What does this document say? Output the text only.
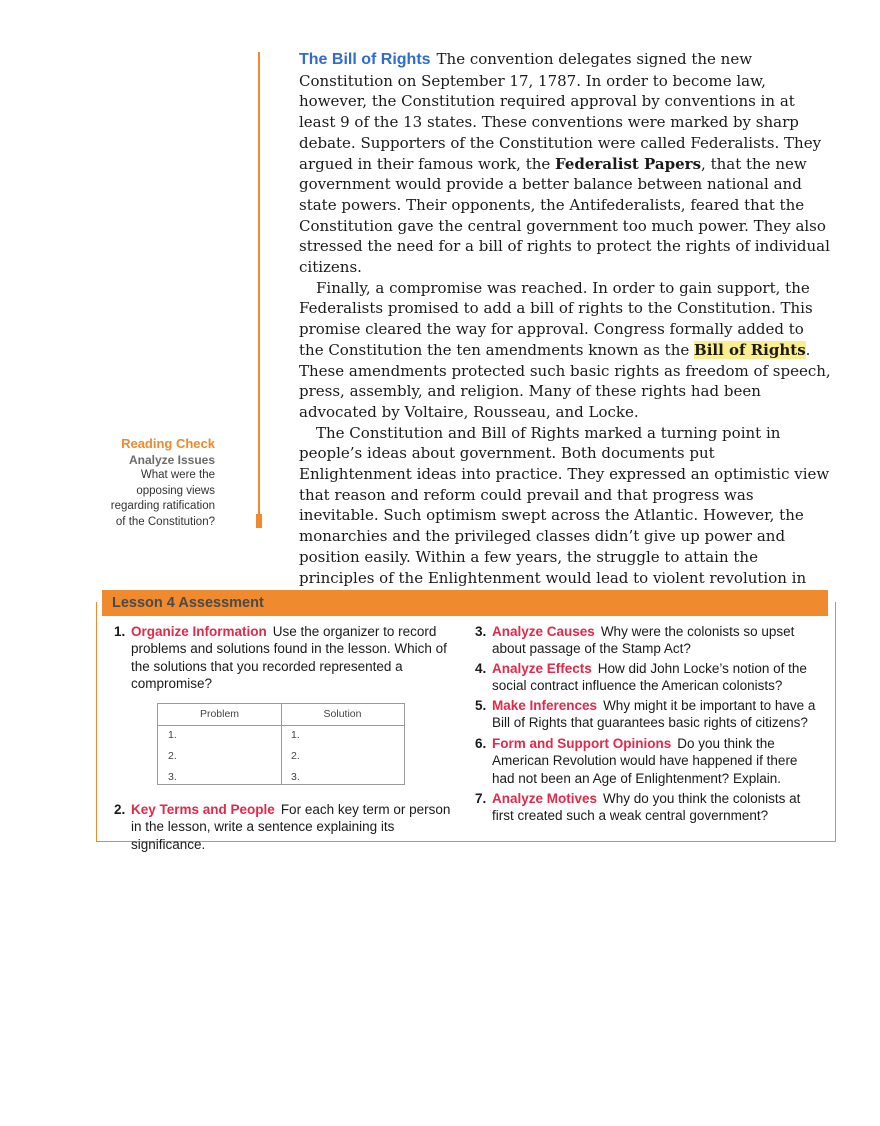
Reading Check
Analyze Issues
What were the
opposing views
regarding ratification
of the Constitution?

The Bill of Rights The convention delegates signed the new Constitution on September 17, 1787. In order to become law, however, the Constitution required approval by conventions in at least 9 of the 13 states. These conventions were marked by sharp debate. Supporters of the Constitution were called Federalists. They argued in their famous work, the Federalist Papers, that the new government would provide a better balance between national and state powers. Their opponents, the Antifederalists, feared that the Constitution gave the central government too much power. They also stressed the need for a bill of rights to protect the rights of individual citizens.

Finally, a compromise was reached. In order to gain support, the Federalists promised to add a bill of rights to the Constitution. This promise cleared the way for approval. Congress formally added to the Constitution the ten amendments known as the Bill of Rights. These amendments protected such basic rights as freedom of speech, press, assembly, and religion. Many of these rights had been advocated by Voltaire, Rousseau, and Locke.

The Constitution and Bill of Rights marked a turning point in people’s ideas about government. Both documents put Enlightenment ideas into practice. They expressed an optimistic view that reason and reform could prevail and that progress was inevitable. Such optimism swept across the Atlantic. However, the monarchies and the privileged classes didn’t give up power and position easily. Within a few years, the struggle to attain the principles of the Enlightenment would lead to violent revolution in

Lesson 4 Assessment
1. Organize Information Use the organizer to record problems and solutions found in the lesson. Which of the solutions that you recorded represented a compromise?
Problem	Solution
1.
2.
3.
1.
2.
3.
2. Key Terms and People For each key term or person in the lesson, write a sentence explaining its significance.
3. Analyze Causes Why were the colonists so upset about passage of the Stamp Act?
4. Analyze Effects How did John Locke’s notion of the social contract influence the American colonists?
5. Make Inferences Why might it be important to have a Bill of Rights that guarantees basic rights of citizens?
6. Form and Support Opinions Do you think the American Revolution would have happened if there had not been an Age of Enlightenment? Explain.
7. Analyze Motives Why do you think the colonists at first created such a weak central government?
